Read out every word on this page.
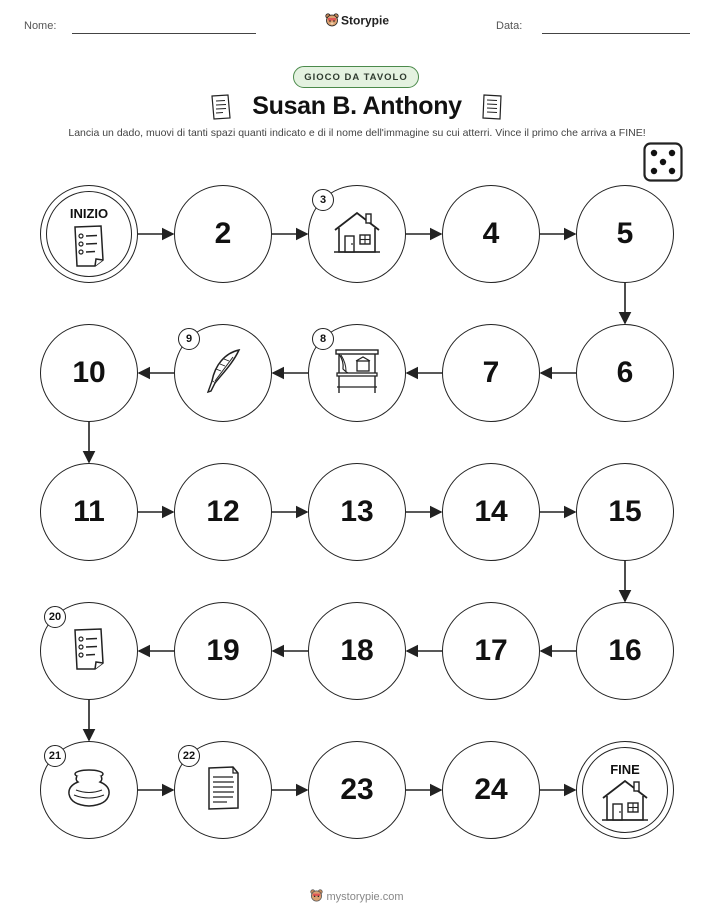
Nome:	Data:
Storypie
GIOCO DA TAVOLO
Susan B. Anthony
Lancia un dado, muovi di tanti spazi quanti indicato e di il nome dell'immagine su cui atterri. Vince il primo che arriva a FINE!
INIZIO
2
3
4	5
6
7
8
9
10
11	12	13	14	15
16
17
18
19
20
21	22
23	24
FINE
mystorypie.com
